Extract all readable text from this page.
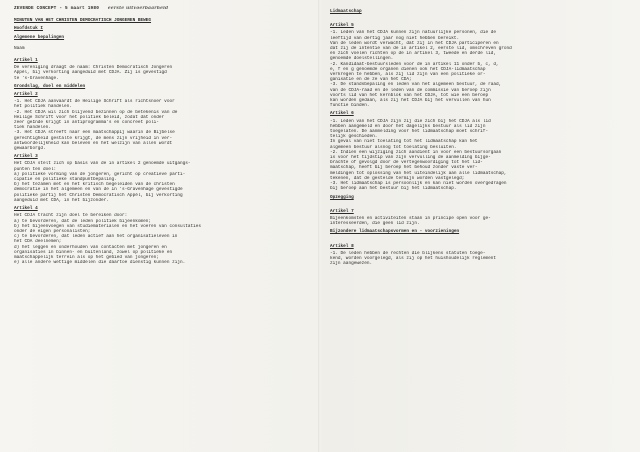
ZEVENDE CONCEPT - 5 maart 1980 eerste uitvoerbaarheid
MINUTEN VAN HET CHRISTEN DEMOCRATISCH JONGEREN BEWEG
Hoofdstuk I
Algemene bepalingen
Naam
Artikel 1
De vereniging draagt de naam: Christen Democratisch Jongeren
Appèl, bij verkorting aangeduid met CDJA. Zij is gevestigd
te 's-Gravenhage.
Grondslag, doel en middelen
Artikel 2
-1. Het CDJA aanvaardt de Heilige Schrift als richtsnoer voor
het politiek handelen.
-2. Het CDJA wil zich blijvend bezinnen op de betekenis van de
Heilige Schrift voor het politiek beleid, zodat dat onder
zeer geïnde krijgt in antiprogramma's en concreet poli-
tiek handelen.
-3. Het CDJA streeft naar een maatschappij waarin de Bijbelse
gerechtigheid gestalte krijgt, de mens zijn vrijheid in ver-
antwoordelijkheid kan beleven en het welzijn van allen wordt
gewaarborgd.
Artikel 3
Het CDJA stelt zich op basis van de in artikel 2 genoemde uitgangs-
punten ten doel:
a) politieke vorming van de jongeren, gericht op creatieve parti-
cipatie en politieke standpuntbepaling.
b) het tezamen met en het kritisch begeleiden van de christen
democratie in het algemeen en van de in 's-Gravenhage gevestigde
politieke partij het Christen Democratisch Appèl, bij verkorting
aangeduid met CDA, in het bijzonder.
Artikel 4
Het CDJA tracht zijn doel te bereiken door:
a) te bevorderen, dat de leden politiek bijeenkomen;
b) het bijeenvoegen van studiematerialen en het voeren van consultaties
onder de eigen personalisten;
c) te bevorderen, dat leden actief aan het organisatieleven in
het CDA deelnemen;
d) het leggen en onderhouden van contacten met jongeren en
organisaties in binnen- en buitenland, zowel op politieke en
maatschappelijk terrein als op het gebied van jongeren;
e) alle andere wettige middelen die daartoe dienstig kunnen zijn.
Lidmaatschap
Artikel 5
-1. Leden van het CDJA kunnen zijn natuurlijke personen, die de
leeftijd van dertig jaar nog niet hebben bereikt.
Van de leden wordt verwacht, dat zij in het CDJA participeren en
dat zij de intentie van de in artikel 2, eerste lid, omschreven grond
en zich voelen richten op de in artikel 3, tweede en derde lid,
genoemde doelstellingen.
-2. Kandidaat-bestuursleden voor de in artikel 11 onder b, c, d,
e, f en g genoemde organen dienen ook het CDJA-lidmaatschap
verkregen te hebben, als zij lid zijn van een politieke or-
ganisatie en de ze van het CDA;
-3. De standsbepaling en leden van het algemeen bestuur, de raad,
van de CDJA-raad en de leden van de commissie van beroep zijn
voorts lid van het kernblok van het CDJA, tot wie een beroep
kan worden gedaan, als zij het CDJA bij het vervullen van hun
functie binden.
Artikel 6
-1. Leden van het CDJA zijn zij die zich bij het CDJA als lid
hebben aangemeld en door het dagelijks bestuur als lid zijn
toegelaten. De aanmelding voor het lidmaatschap moet schrif-
telijk geschieden.
In geval van niet toelating tot het lidmaatschap kan het
algemeen bestuur alsnog tot toelating besluiten.
-2. Indien een wijziging zich aandient in voor een bestuursorgaan
is voor het tijdstip van zijn vervulling de aanmelding bijge-
brachte of gevolgd door de vertegenwoordiging tot het lid-
maatschap, heeft bij beroep het behoud zonder vaste ver-
meldingen tot oplossing van het uiteindelijk aan alle lidmaatschap,
tekenen, dat de gestelde termijn worden vastgelegd;
-3. Het lidmaatschap is persoonlijk en kan niet worden overgedragen
bij beroep aan het bestuur bij het lidmaatschap.
Opzegging
Artikel 7
Bijeenkomsten en activiteiten staan in principe open voor ge-
interesseerden, die geen lid zijn.
Bijzondere lidmaatschapsvormen en - voorzieningen
Artikel 8
-1. De leden hebben de rechten die blijkens statuten toege-
kend, worden voorgelegd, als zij op het huishoudelijk reglement
zijn aangewezen.
